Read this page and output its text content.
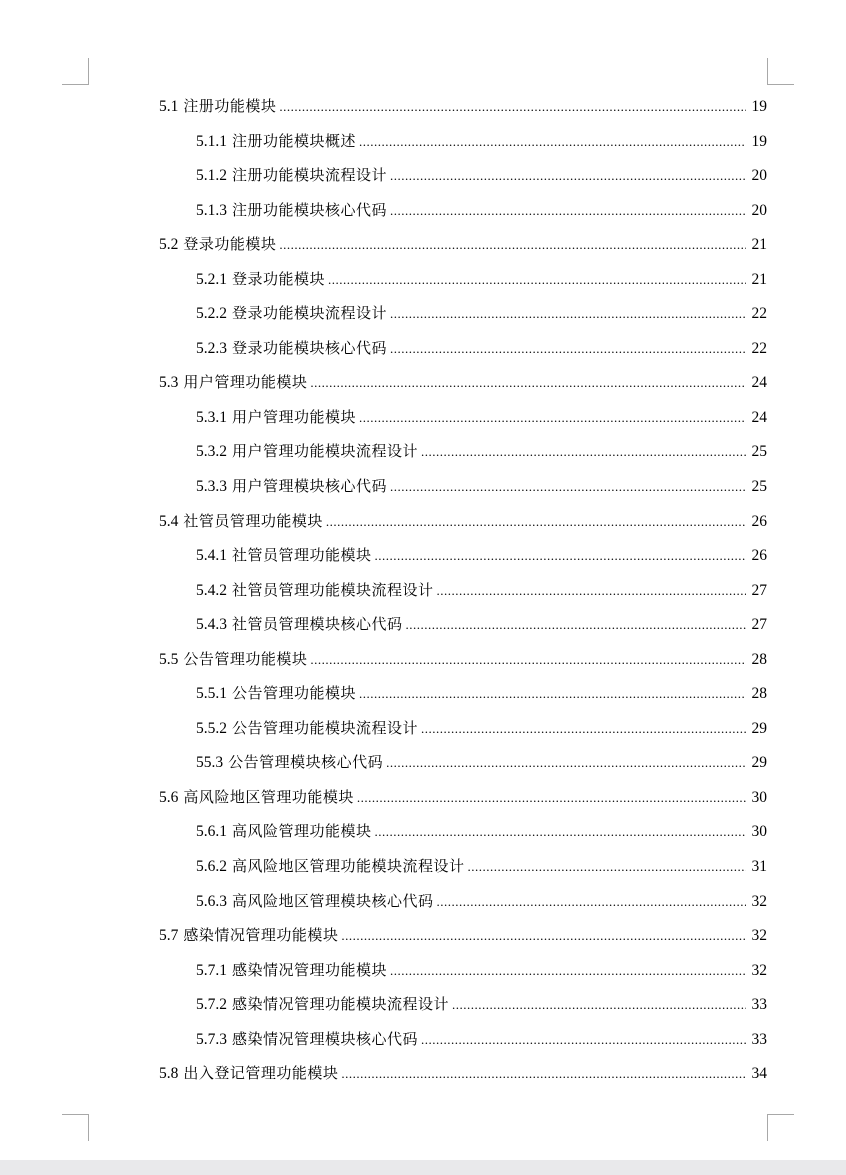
5.1 注册功能模块 .....	19
5.1.1 注册功能模块概述 .....	19
5.1.2 注册功能模块流程设计 .....	20
5.1.3 注册功能模块核心代码 .....	20
5.2 登录功能模块 .....	21
5.2.1 登录功能模块 .....	21
5.2.2 登录功能模块流程设计 .....	22
5.2.3 登录功能模块核心代码 .....	22
5.3 用户管理功能模块 .....	24
5.3.1 用户管理功能模块 .....	24
5.3.2 用户管理功能模块流程设计 .....	25
5.3.3 用户管理模块核心代码 .....	25
5.4 社管员管理功能模块 .....	26
5.4.1 社管员管理功能模块 .....	26
5.4.2 社管员管理功能模块流程设计 .....	27
5.4.3 社管员管理模块核心代码 .....	27
5.5 公告管理功能模块 .....	28
5.5.1 公告管理功能模块 .....	28
5.5.2 公告管理功能模块流程设计 .....	29
55.3 公告管理模块核心代码 .....	29
5.6 高风险地区管理功能模块 .....	30
5.6.1 高风险管理功能模块 .....	30
5.6.2 高风险地区管理功能模块流程设计 .....	31
5.6.3 高风险地区管理模块核心代码 .....	32
5.7 感染情况管理功能模块 .....	32
5.7.1 感染情况管理功能模块 .....	32
5.7.2 感染情况管理功能模块流程设计 .....	33
5.7.3 感染情况管理模块核心代码 .....	33
5.8 出入登记管理功能模块 .....	34
